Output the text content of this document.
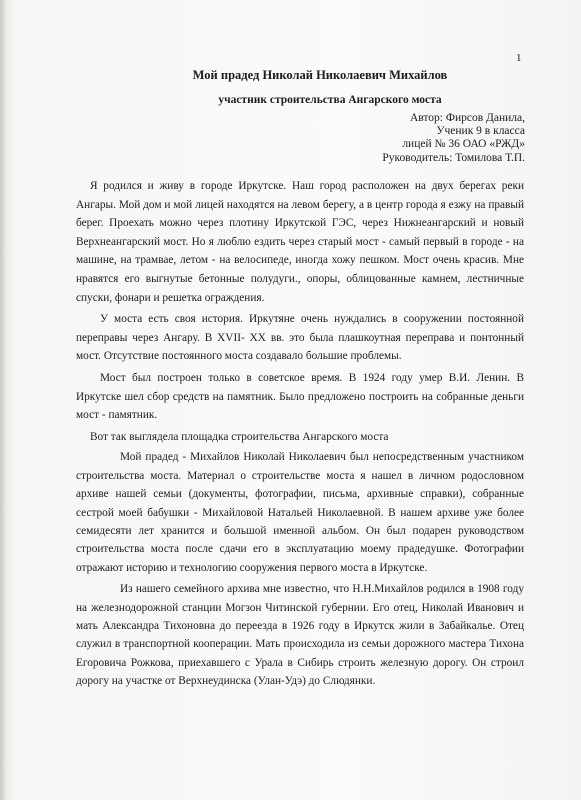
1
Мой прадед Николай Николаевич Михайлов
участник строительства Ангарского моста
Автор: Фирсов Данила,
Ученик 9 в класса
лицей № 36 ОАО «РЖД»
Руководитель: Томилова Т.П.

Я родился и живу в городе Иркутске. Наш город расположен на двух берегах реки Ангары. Мой дом и мой лицей находятся на левом берегу, а в центр города я езжу на правый берег. Проехать можно через плотину Иркутской ГЭС, через Нижнеангарский и новый Верхнеангарский мост. Но я люблю ездить через старый мост - самый первый в городе - на машине, на трамвае, летом - на велосипеде, иногда хожу пешком. Мост очень красив. Мне нравятся его выгнутые бетонные полудуги., опоры, облицованные камнем, лестничные спуски, фонари и решетка ограждения.

У моста есть своя история. Иркутяне очень нуждались в сооружении постоянной переправы через Ангару. В XVII- XX вв. это была плашкоутная переправа и понтонный мост. Отсутствие постоянного моста создавало большие проблемы.

Мост был построен только в советское время. В 1924 году умер В.И. Ленин. В Иркутске шел сбор средств на памятник. Было предложено построить на собранные деньги мост - памятник.

Вот так выглядела площадка строительства Ангарского моста

Мой прадед - Михайлов Николай Николаевич был непосредственным участником строительства моста. Материал о строительстве моста я нашел в личном родословном архиве нашей семьи (документы, фотографии, письма, архивные справки), собранные сестрой моей бабушки - Михайловой Натальей Николаевной. В нашем архиве уже более семидесяти лет хранится и большой именной альбом. Он был подарен руководством строительства моста после сдачи его в эксплуатацию моему прадедушке. Фотографии отражают историю и технологию сооружения первого моста в Иркутске.

Из нашего семейного архива мне известно, что Н.Н.Михайлов родился в 1908 году на железнодорожной станции Могзон Читинской губернии. Его отец, Николай Иванович и мать Александра Тихоновна до переезда в 1926 году в Иркутск жили в Забайкалье. Отец служил в транспортной кооперации. Мать происходила из семьи дорожного мастера Тихона Егоровича Рожкова, приехавшего с Урала в Сибирь строить железную дорогу. Он строил дорогу на участке от Верхнеудинска (Улан-Удэ) до Слюдянки.
